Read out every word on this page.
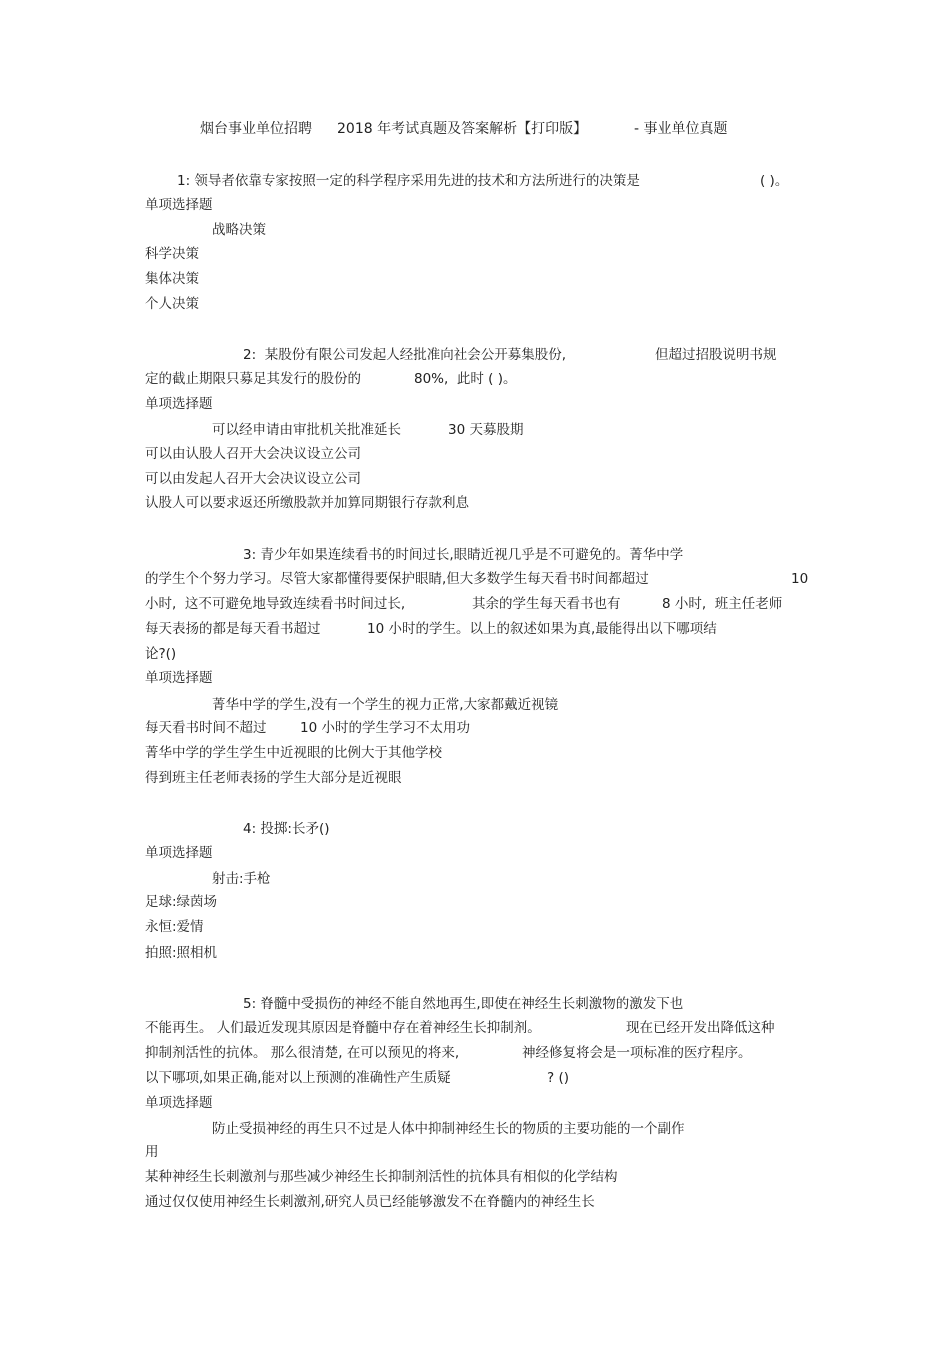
烟台事业单位招聘 2018 年考试真题及答案解析【打印版】	- 事业单位真题
1: 领导者依靠专家按照一定的科学程序采用先进的技术和方法所进行的决策是	( )。
单项选择题
战略决策
科学决策
集体决策
个人决策
2:  某股份有限公司发起人经批准向社会公开募集股份,	但超过招股说明书规
定的截止期限只募足其发行的股份的	80%,  此时 ( )。
单项选择题
可以经申请由审批机关批准延长	30 天募股期
可以由认股人召开大会决议设立公司
可以由发起人召开大会决议设立公司
认股人可以要求返还所缴股款并加算同期银行存款利息
3: 青少年如果连续看书的时间过长,眼睛近视几乎是不可避免的。菁华中学
的学生个个努力学习。尽管大家都懂得要保护眼睛,但大多数学生每天看书时间都超过	10
小时,  这不可避免地导致连续看书时间过长,	其余的学生每天看书也有	8 小时,  班主任老师
每天表扬的都是每天看书超过	10 小时的学生。以上的叙述如果为真,最能得出以下哪项结
论?()
单项选择题
菁华中学的学生,没有一个学生的视力正常,大家都戴近视镜
每天看书时间不超过 10 小时的学生学习不太用功
菁华中学的学生学生中近视眼的比例大于其他学校
得到班主任老师表扬的学生大部分是近视眼
4: 投掷:长矛()
单项选择题
射击:手枪
足球:绿茵场
永恒:爱情
拍照:照相机
5: 脊髓中受损伤的神经不能自然地再生,即使在神经生长刺激物的激发下也
不能再生。 人们最近发现其原因是脊髓中存在着神经生长抑制剂。	现在已经开发出降低这种
抑制剂活性的抗体。 那么很清楚, 在可以预见的将来,	神经修复将会是一项标准的医疗程序。
以下哪项,如果正确,能对以上预测的准确性产生质疑	? ()
单项选择题
防止受损神经的再生只不过是人体中抑制神经生长的物质的主要功能的一个副作
用
某种神经生长刺激剂与那些减少神经生长抑制剂活性的抗体具有相似的化学结构
通过仅仅使用神经生长刺激剂,研究人员已经能够激发不在脊髓内的神经生长
